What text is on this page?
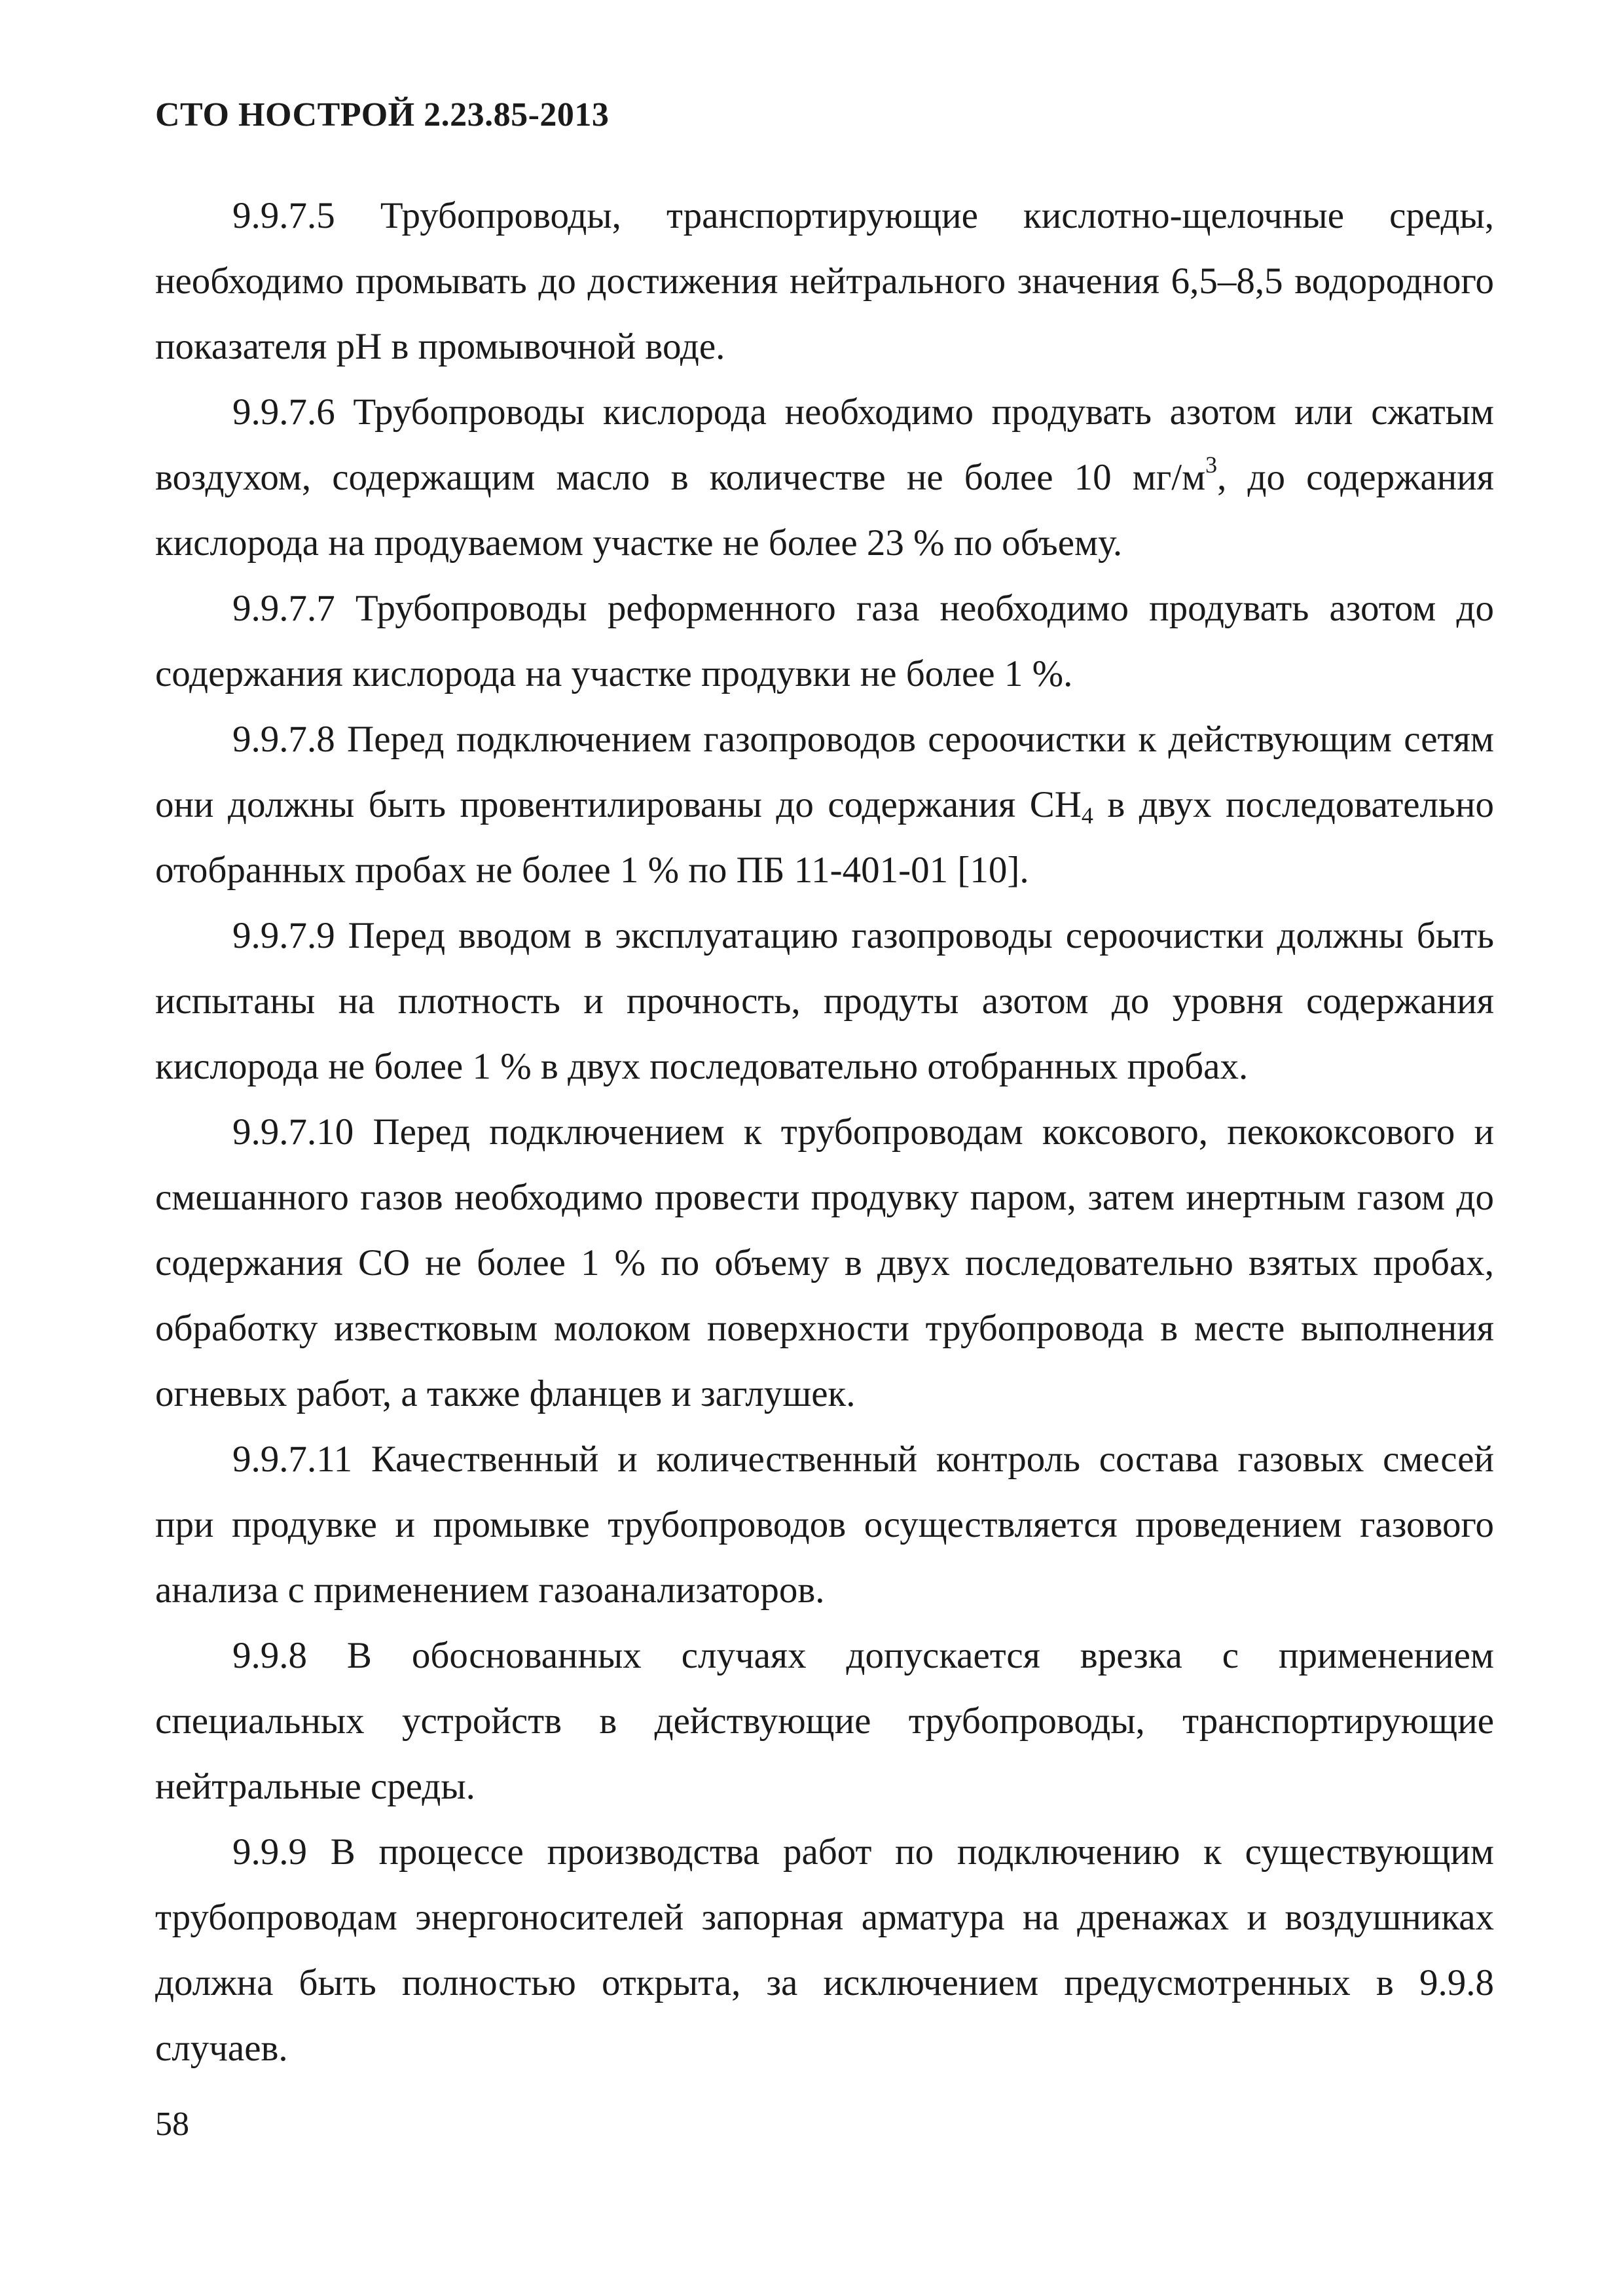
СТО НОСТРОЙ 2.23.85-2013

9.9.7.5 Трубопроводы, транспортирующие кислотно-щелочные среды, необходимо промывать до достижения нейтрального значения 6,5–8,5 водородного показателя pH в промывочной воде.

9.9.7.6 Трубопроводы кислорода необходимо продувать азотом или сжатым воздухом, содержащим масло в количестве не более 10 $мг/м^3$, до содержания кислорода на продуваемом участке не более 23 % по объему.

9.9.7.7 Трубопроводы реформенного газа необходимо продувать азотом до содержания кислорода на участке продувки не более 1 %.

9.9.7.8 Перед подключением газопроводов сероочистки к действующим сетям они должны быть провентилированы до содержания $СН_4$ в двух последовательно отобранных пробах не более 1 % по ПБ 11-401-01 [10].

9.9.7.9 Перед вводом в эксплуатацию газопроводы сероочистки должны быть испытаны на плотность и прочность, продуты азотом до уровня содержания кислорода не более 1 % в двух последовательно отобранных пробах.

9.9.7.10 Перед подключением к трубопроводам коксового, пекококсового и смешанного газов необходимо провести продувку паром, затем инертным газом до содержания СО не более 1 % по объему в двух последовательно взятых пробах, обработку известковым молоком поверхности трубопровода в месте выполнения огневых работ, а также фланцев и заглушек.

9.9.7.11 Качественный и количественный контроль состава газовых смесей при продувке и промывке трубопроводов осуществляется проведением газового анализа с применением газоанализаторов.

9.9.8 В обоснованных случаях допускается врезка с применением специальных устройств в действующие трубопроводы, транспортирующие нейтральные среды.

9.9.9 В процессе производства работ по подключению к существующим трубопроводам энергоносителей запорная арматура на дренажах и воздушниках должна быть полностью открыта, за исключением предусмотренных в 9.9.8 случаев.

58
